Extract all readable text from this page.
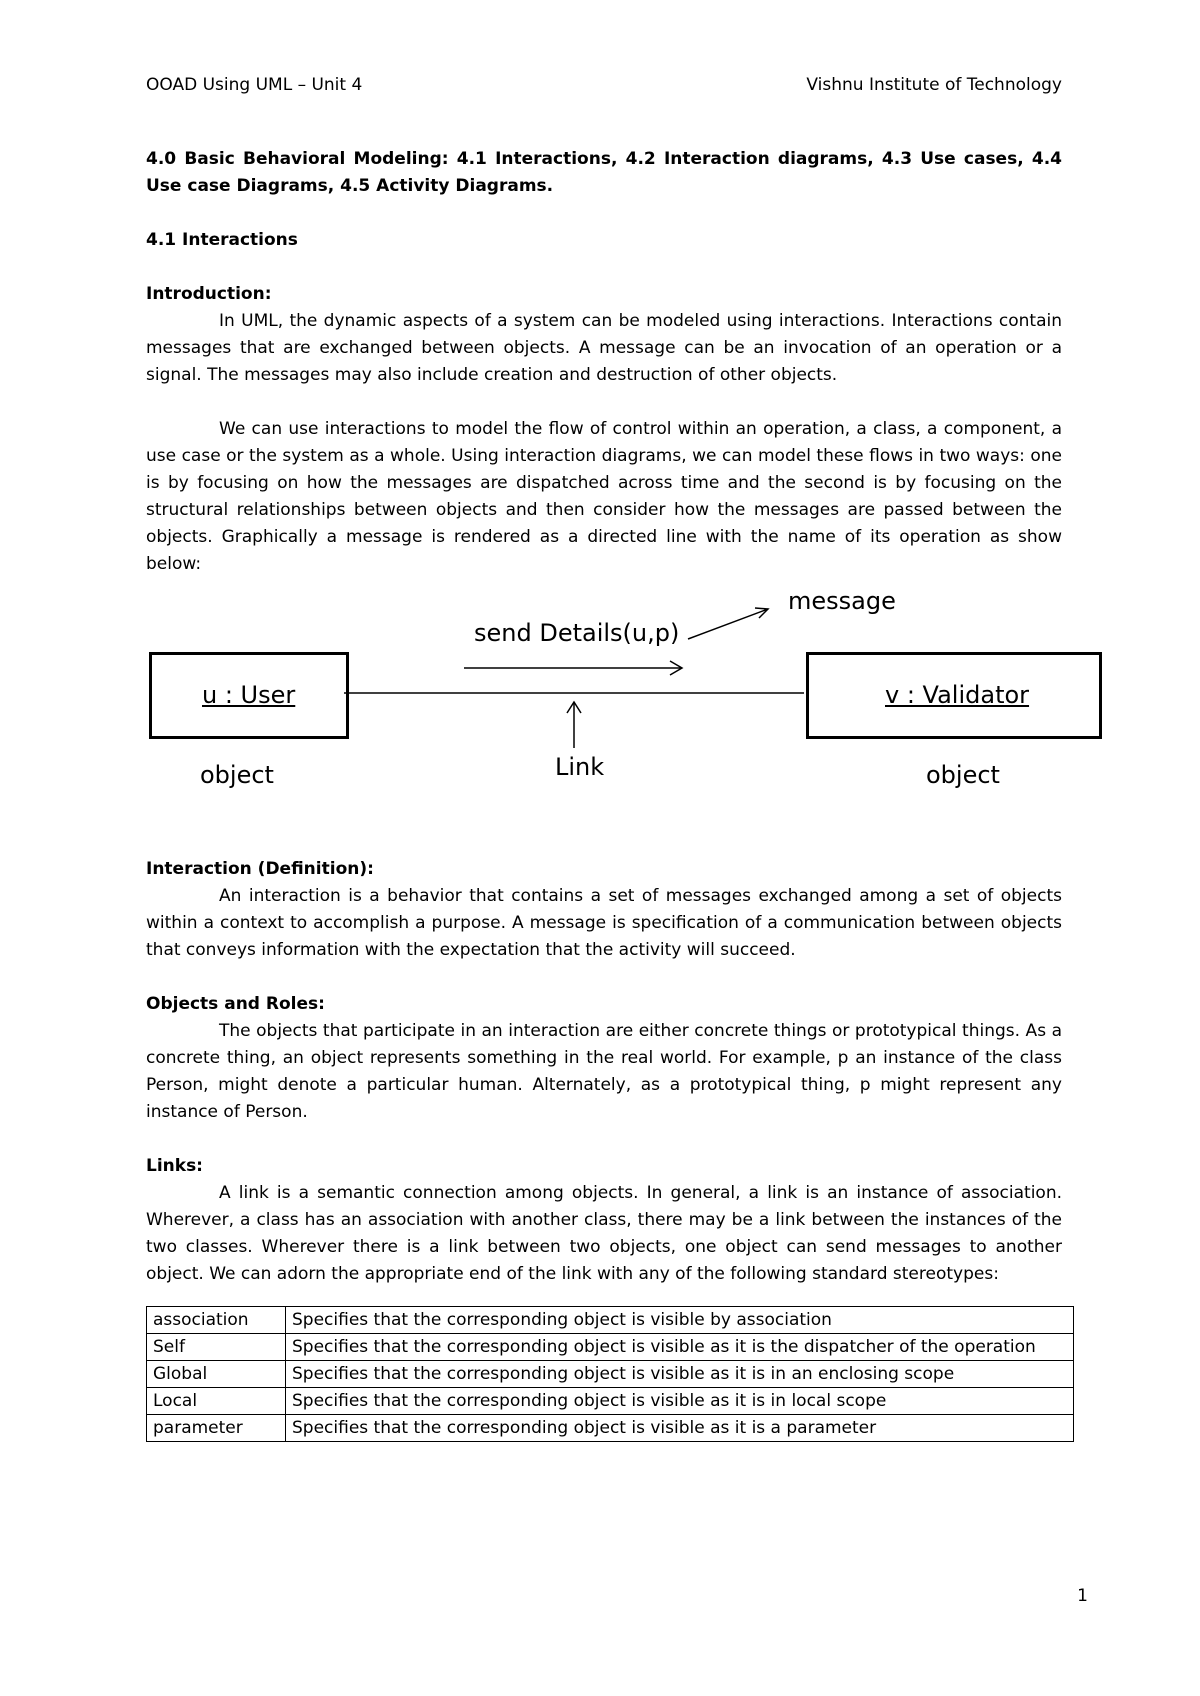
OOAD Using UML – Unit 4	Vishnu Institute of Technology

4.0 Basic Behavioral Modeling: 4.1 Interactions, 4.2 Interaction diagrams, 4.3 Use cases, 4.4 Use case Diagrams, 4.5 Activity Diagrams.

4.1 Interactions

Introduction:

In UML, the dynamic aspects of a system can be modeled using interactions. Interactions contain messages that are exchanged between objects. A message can be an invocation of an operation or a signal. The messages may also include creation and destruction of other objects.

We can use interactions to model the flow of control within an operation, a class, a component, a use case or the system as a whole. Using interaction diagrams, we can model these flows in two ways: one is by focusing on how the messages are dispatched across time and the second is by focusing on the structural relationships between objects and then consider how the messages are passed between the objects. Graphically a message is rendered as a directed line with the name of its operation as show below:

message
send Details(u,p)
u : User	v : Validator
object	Link	object

Interaction (Definition):

An interaction is a behavior that contains a set of messages exchanged among a set of objects within a context to accomplish a purpose. A message is specification of a communication between objects that conveys information with the expectation that the activity will succeed.

Objects and Roles:

The objects that participate in an interaction are either concrete things or prototypical things. As a concrete thing, an object represents something in the real world. For example, p an instance of the class Person, might denote a particular human. Alternately, as a prototypical thing, p might represent any instance of Person.

Links:

A link is a semantic connection among objects. In general, a link is an instance of association. Wherever, a class has an association with another class, there may be a link between the instances of the two classes. Wherever there is a link between two objects, one object can send messages to another object. We can adorn the appropriate end of the link with any of the following standard stereotypes:

association	Specifies that the corresponding object is visible by association
Self	Specifies that the corresponding object is visible as it is the dispatcher of the operation
Global	Specifies that the corresponding object is visible as it is in an enclosing scope
Local	Specifies that the corresponding object is visible as it is in local scope
parameter	Specifies that the corresponding object is visible as it is a parameter
1
